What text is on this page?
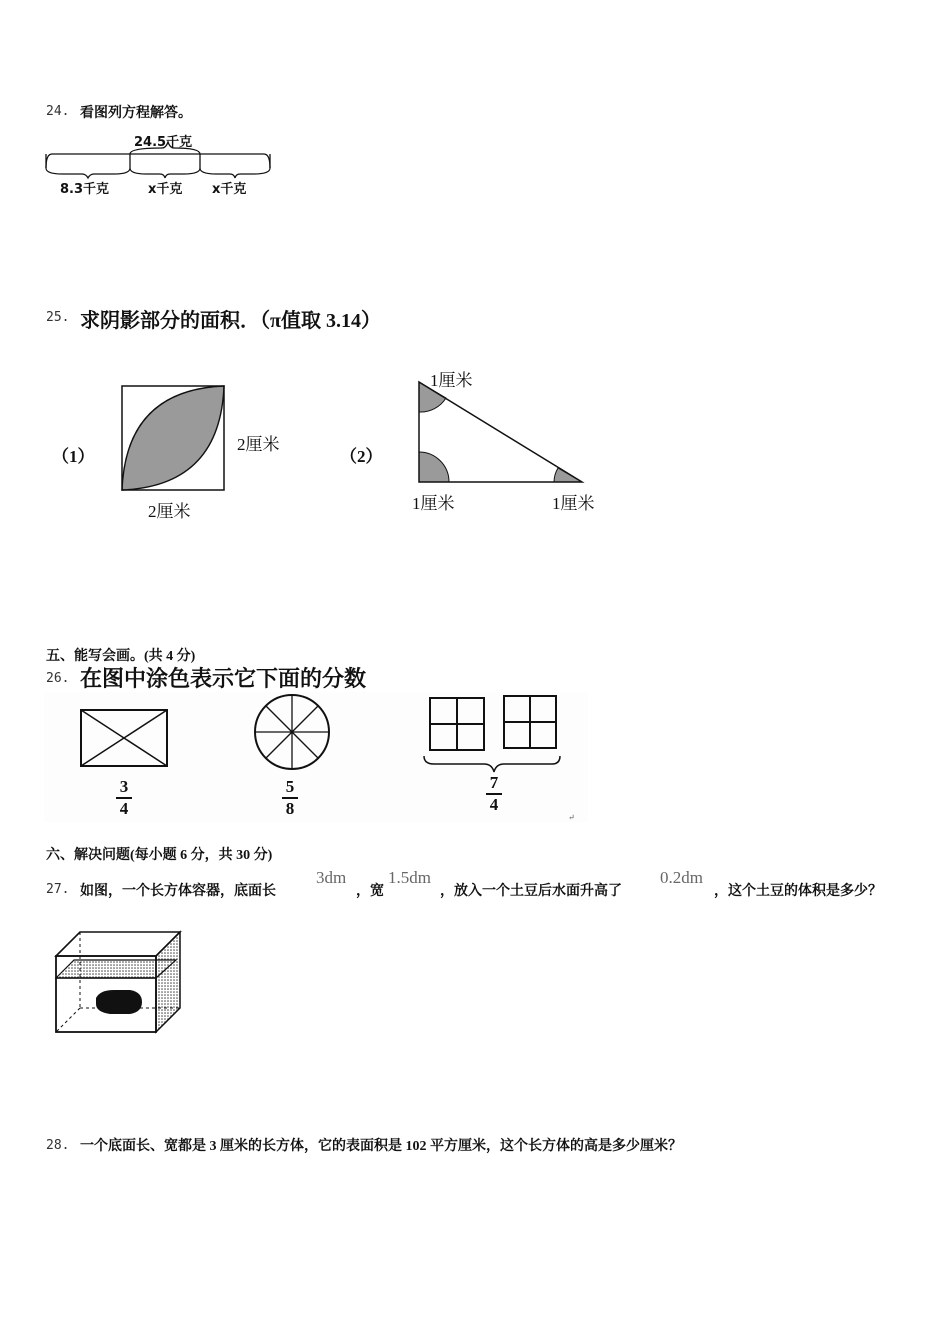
24. 看图列方程解答。
24.5千克
8.3千克	x千克 x千克
25. 求阴影部分的面积．（π值取 3.14）
（1）
2厘米
2厘米
（2）
1厘米
1厘米	1厘米
五、能写会画。(共 4 分)
26. 在图中涂色表示它下面的分数
↵
3
4
5
8
7
4
六、解决问题(每小题 6 分，共 30 分)
27. 如图，一个长方体容器，底面长
3dm
，宽
1.5dm
，放入一个土豆后水面升高了
0.2dm
，这个土豆的体积是多少？
28. 一个底面长、宽都是 3 厘米的长方体，它的表面积是 102 平方厘米，这个长方体的高是多少厘米？
